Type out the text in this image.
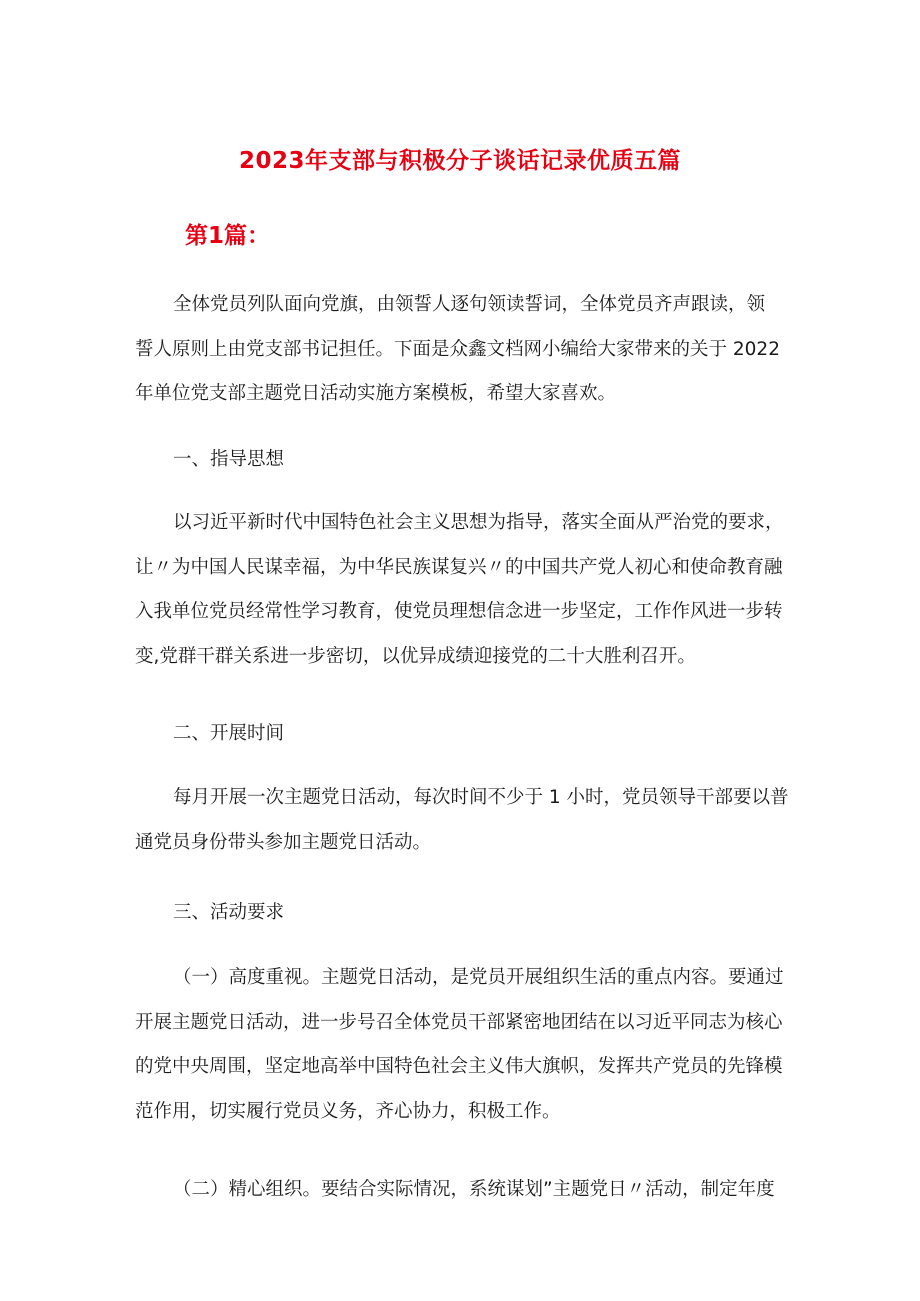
2023年支部与积极分子谈话记录优质五篇
第1篇：
全体党员列队面向党旗，由领誓人逐句领读誓词，全体党员齐声跟读，领
誓人原则上由党支部书记担任。下面是众鑫文档网小编给大家带来的关于 2022
年单位党支部主题党日活动实施方案模板，希望大家喜欢。
一、指导思想
以习近平新时代中国特色社会主义思想为指导，落实全面从严治党的要求，
让〃为中国人民谋幸福，为中华民族谋复兴〃的中国共产党人初心和使命教育融
入我单位党员经常性学习教育，使党员理想信念进一步坚定，工作作风进一步转
变,党群干群关系进一步密切，以优异成绩迎接党的二十大胜利召开。
二、开展时间
每月开展一次主题党日活动，每次时间不少于 1 小时，党员领导干部要以普
通党员身份带头参加主题党日活动。
三、活动要求
（一）高度重视。主题党日活动，是党员开展组织生活的重点内容。要通过
开展主题党日活动，进一步号召全体党员干部紧密地团结在以习近平同志为核心
的党中央周围，坚定地高举中国特色社会主义伟大旗帜，发挥共产党员的先锋模
范作用，切实履行党员义务，齐心协力，积极工作。
（二）精心组织。要结合实际情况，系统谋划”主题党日〃活动，制定年度
